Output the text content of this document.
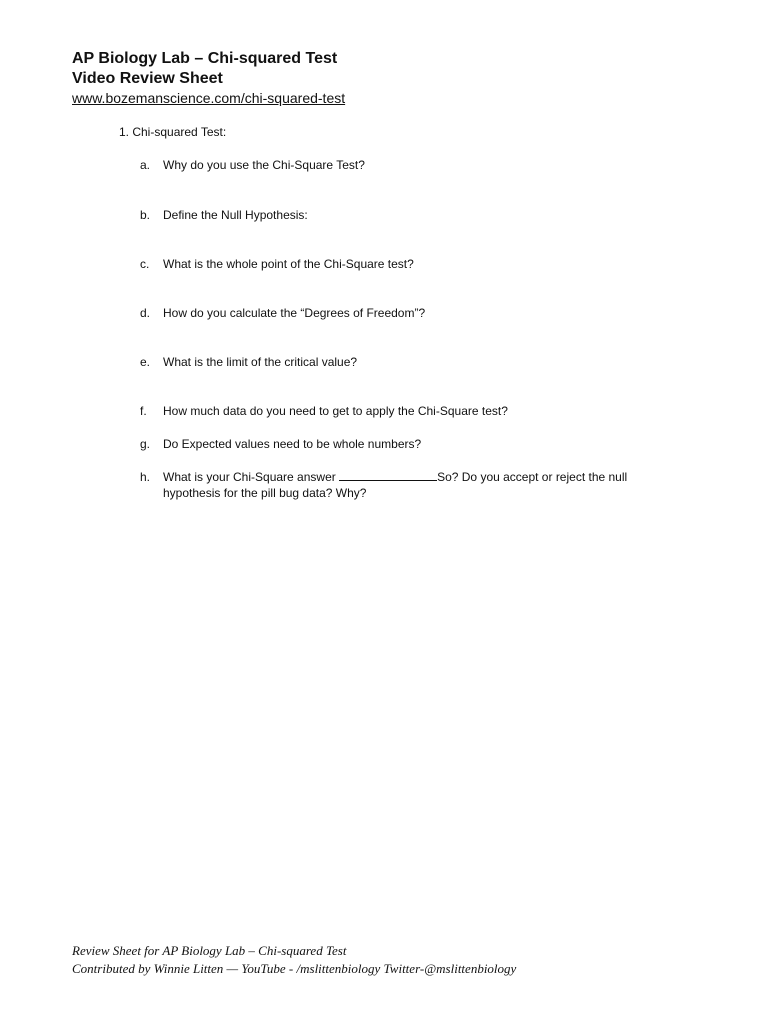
AP Biology Lab – Chi-squared Test

Video Review Sheet

www.bozemanscience.com/chi-squared-test
1. Chi-squared Test:
a.	Why do you use the Chi-Square Test?
b.	Define the Null Hypothesis:
c.	What is the whole point of the Chi-Square test?
d.	How do you calculate the “Degrees of Freedom”?
e.	What is the limit of the critical value?
f.	How much data do you need to get to apply the Chi-Square test?
g.	Do Expected values need to be whole numbers?
h.	What is your Chi-Square answer	So? Do you accept or reject the null
hypothesis for the pill bug data? Why?
Review Sheet for AP Biology Lab – Chi-squared Test
Contributed by Winnie Litten — YouTube - /mslittenbiology Twitter-@mslittenbiology
